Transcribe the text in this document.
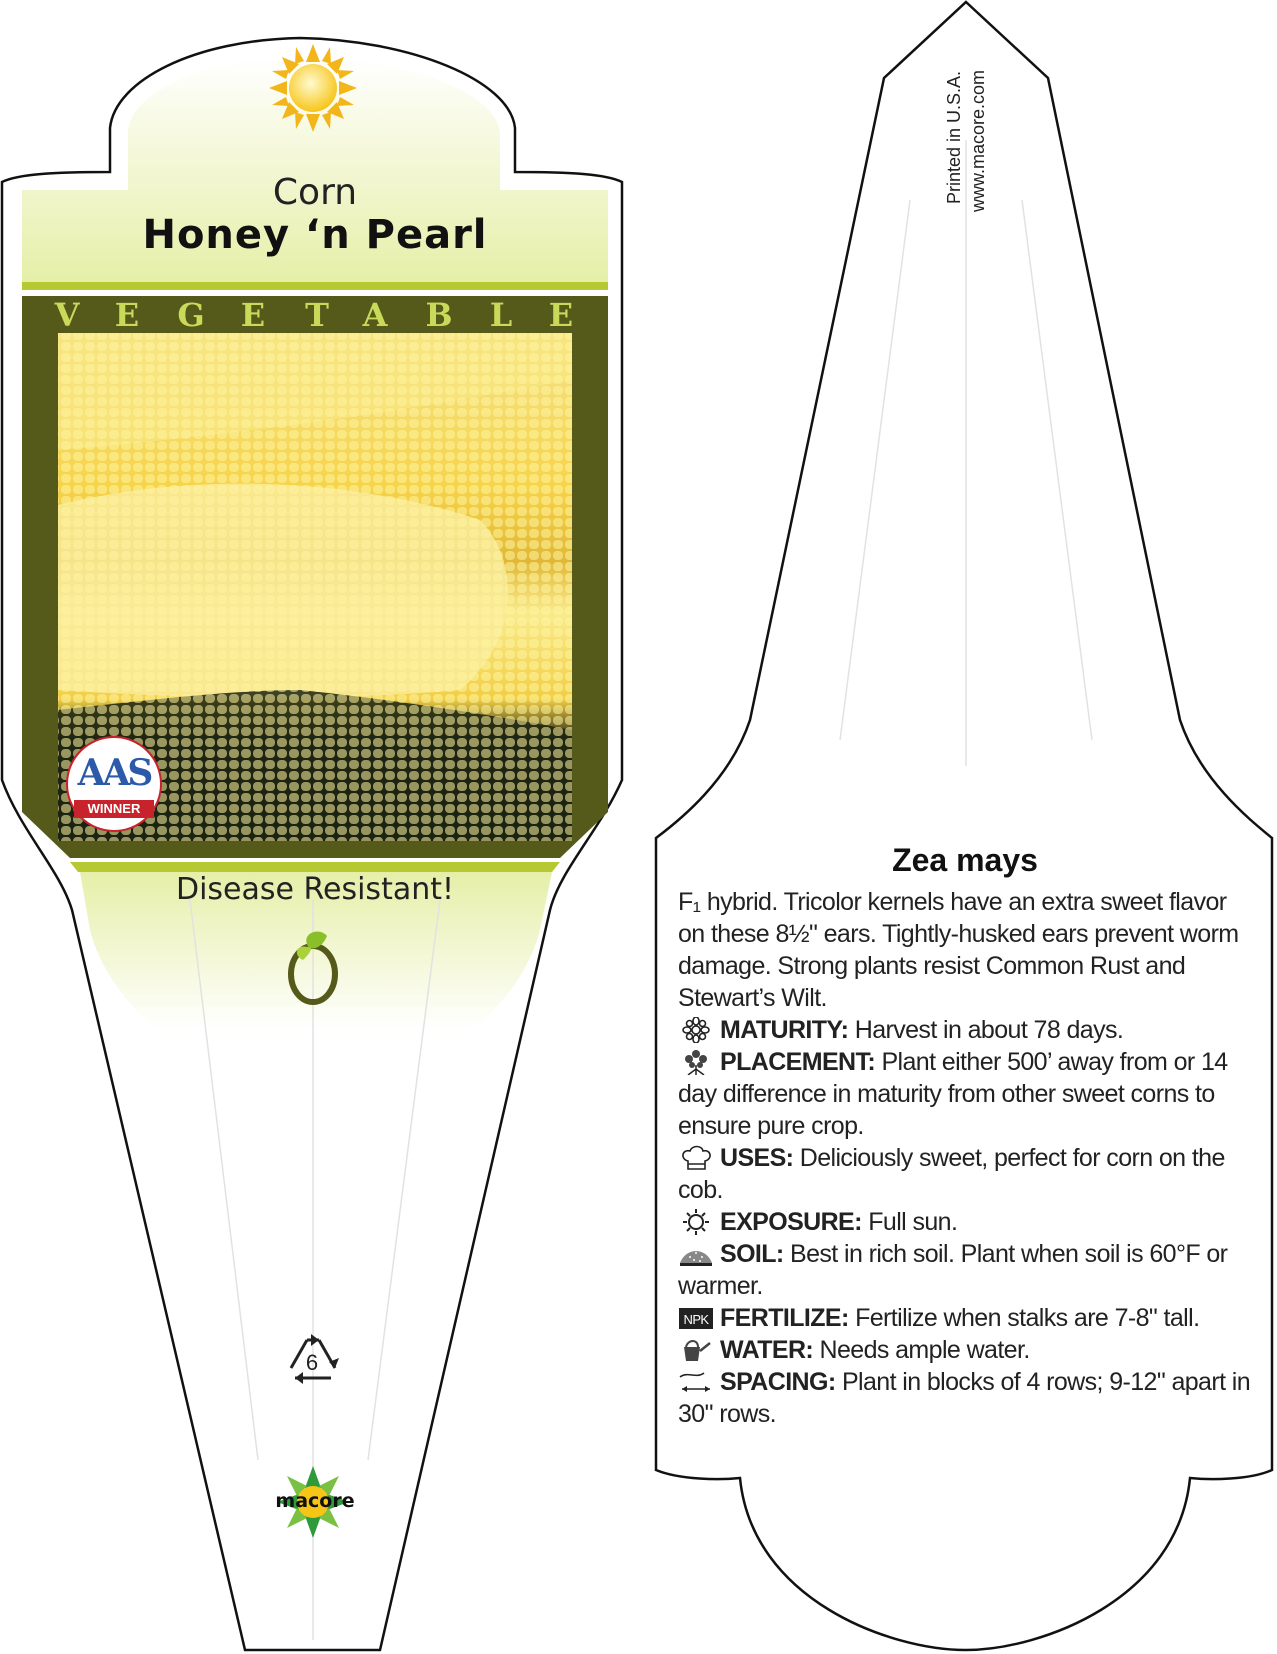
Corn
Honey ‘n Pearl
V E G E T A B L E
AAS
WINNER
Disease Resistant!
6
macore
Printed in U.S.A. www.macore.com
Zea mays

F₁ hybrid. Tricolor kernels have an extra sweet flavor on these 8½" ears. Tightly-husked ears prevent worm damage. Strong plants resist Common Rust and Stewart’s Wilt.

MATURITY: Harvest in about 78 days.

PLACEMENT: Plant either 500’ away from or 14 day difference in maturity from other sweet corns to ensure pure crop.

USES: Deliciously sweet, perfect for corn on the cob.

EXPOSURE: Full sun.

SOIL: Best in rich soil. Plant when soil is 60°F or warmer.

NPK FERTILIZE: Fertilize when stalks are 7-8" tall.

WATER: Needs ample water.

SPACING: Plant in blocks of 4 rows; 9-12" apart in 30" rows.
